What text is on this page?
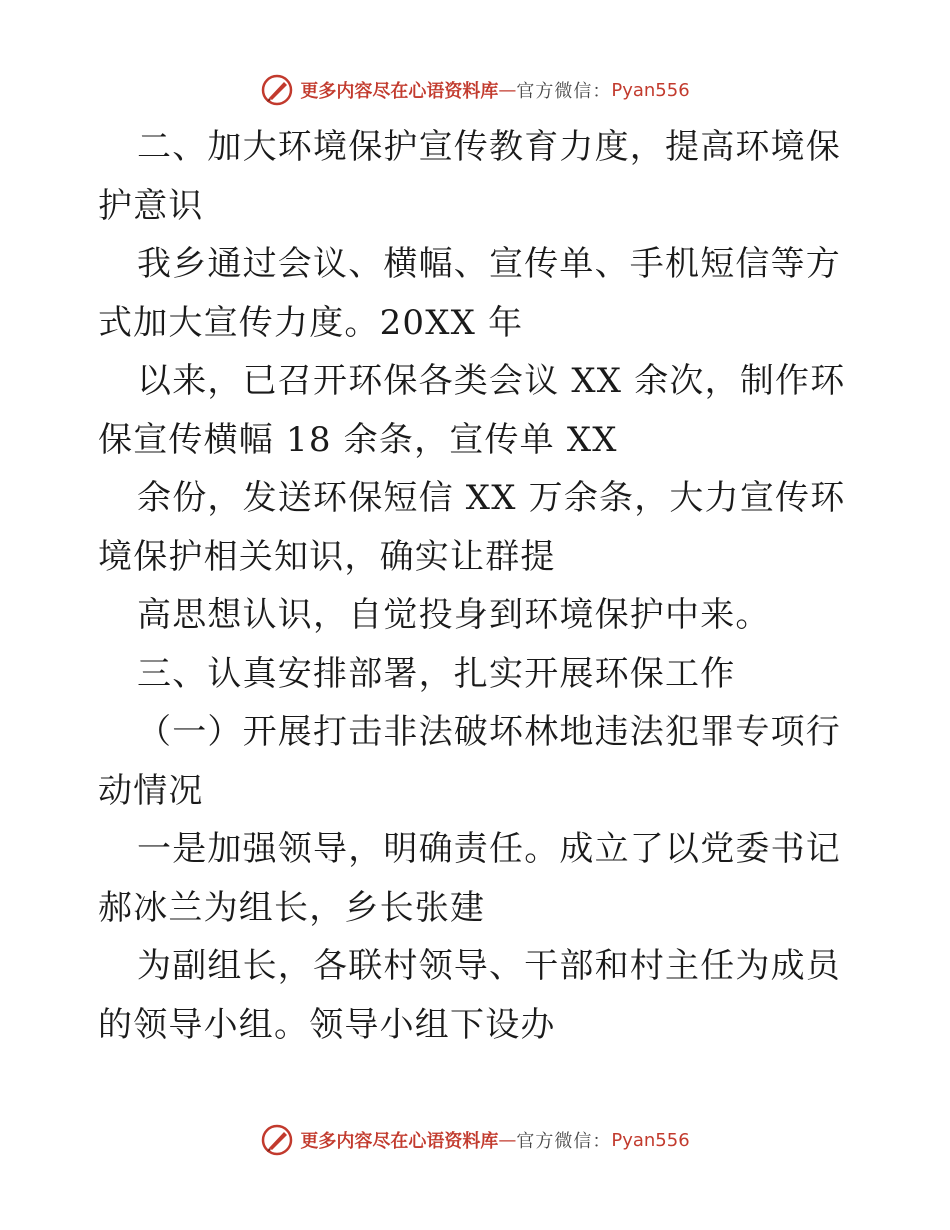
更多内容尽在心语资料库 — 官方微信： Pyan556

二、加大环境保护宣传教育力度，提高环境保护意识

我乡通过会议、横幅、宣传单、手机短信等方式加大宣传力度。20XX 年

以来，已召开环保各类会议 XX 余次，制作环保宣传横幅 18 余条，宣传单 XX

余份，发送环保短信 XX 万余条，大力宣传环境保护相关知识，确实让群提

高思想认识，自觉投身到环境保护中来。

三、认真安排部署，扎实开展环保工作

（一）开展打击非法破坏林地违法犯罪专项行动情况

一是加强领导，明确责任。成立了以党委书记郝冰兰为组长，乡长张建

为副组长，各联村领导、干部和村主任为成员的领导小组。领导小组下设办

更多内容尽在心语资料库 — 官方微信： Pyan556
